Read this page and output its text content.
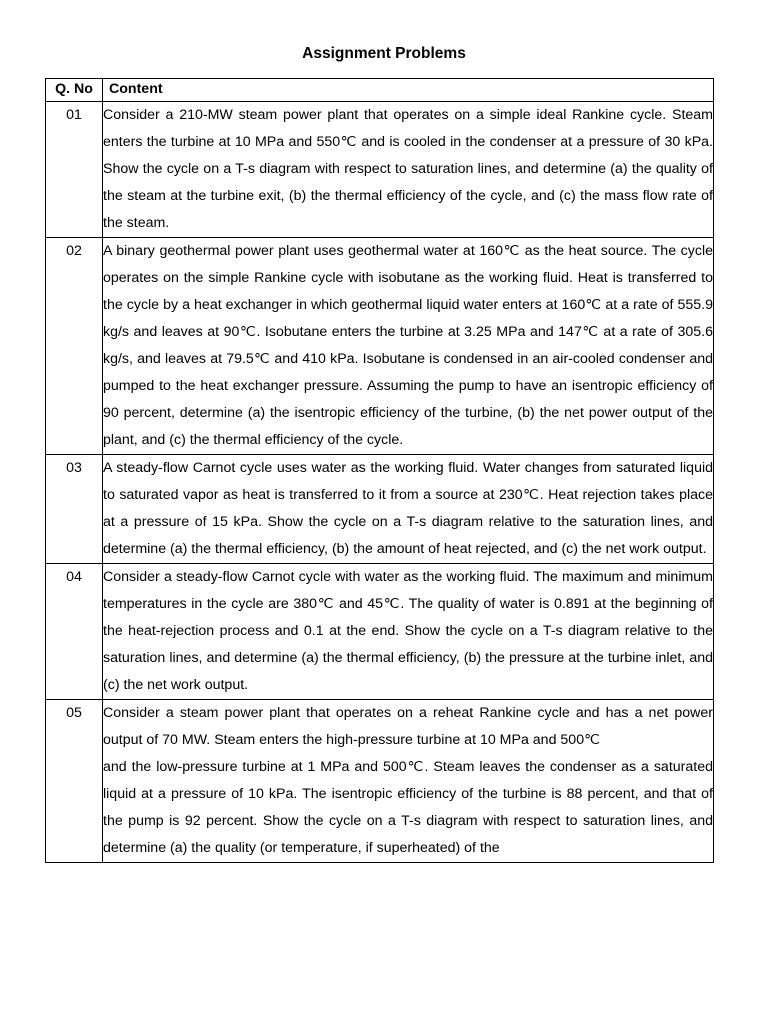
Assignment Problems
Q. No	Content
01	Consider a 210-MW steam power plant that operates on a simple ideal Rankine cycle. Steam enters the turbine at 10 MPa and 550℃ and is cooled in the condenser at a pressure of 30 kPa. Show the cycle on a T-s diagram with respect to saturation lines, and determine (a) the quality of the steam at the turbine exit, (b) the thermal efficiency of the cycle, and (c) the mass flow rate of the steam.
02	A binary geothermal power plant uses geothermal water at 160℃ as the heat source. The cycle operates on the simple Rankine cycle with isobutane as the working fluid. Heat is transferred to the cycle by a heat exchanger in which geothermal liquid water enters at 160℃ at a rate of 555.9 kg/s and leaves at 90℃. Isobutane enters the turbine at 3.25 MPa and 147℃ at a rate of 305.6 kg/s, and leaves at 79.5℃ and 410 kPa. Isobutane is condensed in an air-cooled condenser and pumped to the heat exchanger pressure. Assuming the pump to have an isentropic efficiency of 90 percent, determine (a) the isentropic efficiency of the turbine, (b) the net power output of the plant, and (c) the thermal efficiency of the cycle.
03	A steady-flow Carnot cycle uses water as the working fluid. Water changes from saturated liquid to saturated vapor as heat is transferred to it from a source at 230℃. Heat rejection takes place at a pressure of 15 kPa. Show the cycle on a T-s diagram relative to the saturation lines, and determine (a) the thermal efficiency, (b) the amount of heat rejected, and (c) the net work output.
04	Consider a steady-flow Carnot cycle with water as the working fluid. The maximum and minimum temperatures in the cycle are 380℃ and 45℃. The quality of water is 0.891 at the beginning of the heat-rejection process and 0.1 at the end. Show the cycle on a T-s diagram relative to the saturation lines, and determine (a) the thermal efficiency, (b) the pressure at the turbine inlet, and (c) the net work output.
05	Consider a steam power plant that operates on a reheat Rankine cycle and has a net power output of 70 MW. Steam enters the high-pressure turbine at 10 MPa and 500℃
and the low-pressure turbine at 1 MPa and 500℃. Steam leaves the condenser as a saturated liquid at a pressure of 10 kPa. The isentropic efficiency of the turbine is 88 percent, and that of the pump is 92 percent. Show the cycle on a T-s diagram with respect to saturation lines, and determine (a) the quality (or temperature, if superheated) of the
